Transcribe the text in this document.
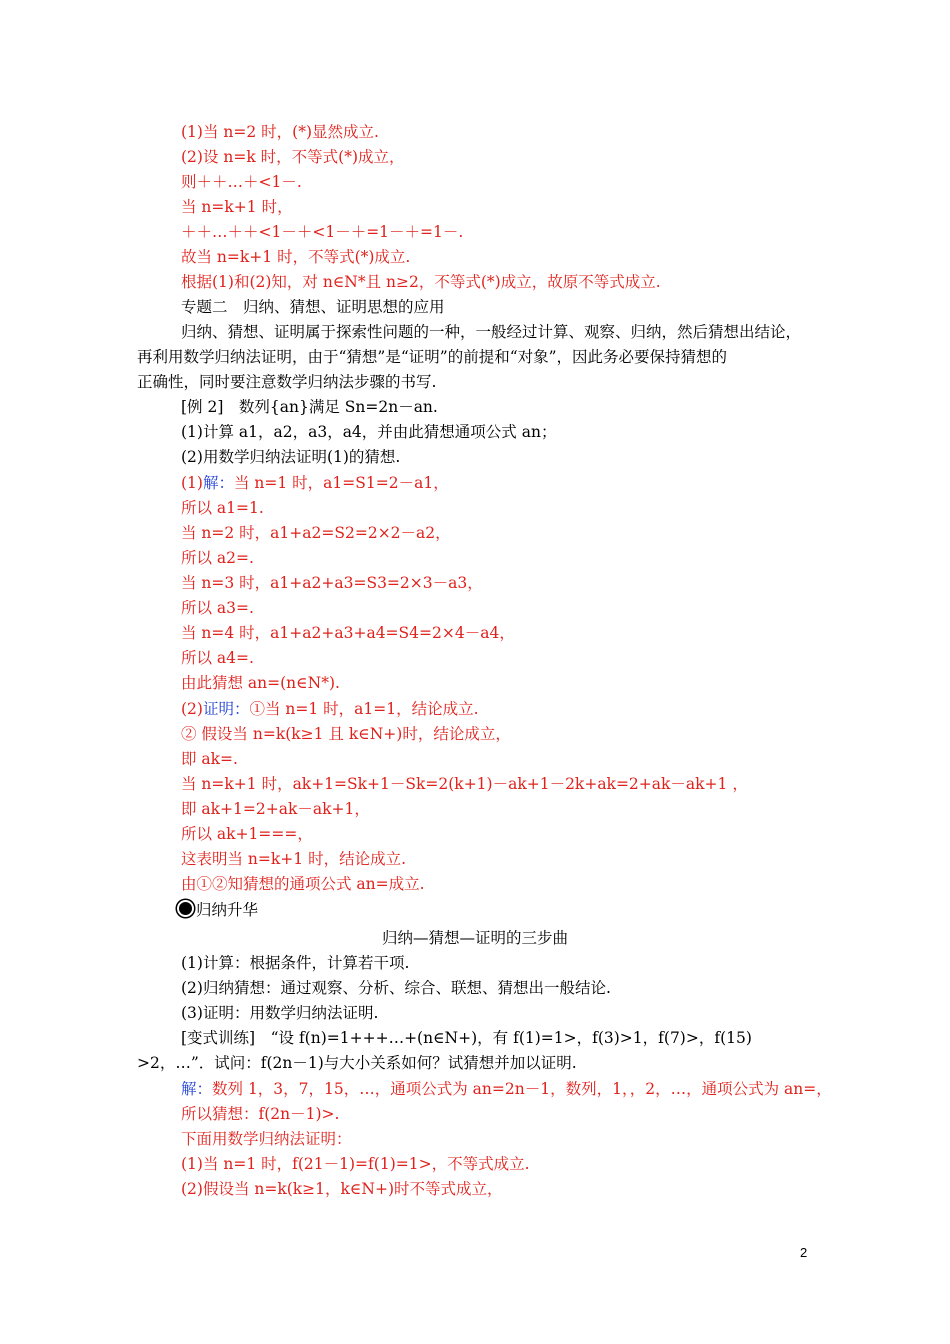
(1)当 n=2 时，(*)显然成立.
(2)设 n=k 时，不等式(*)成立，
则＋＋…＋<1－.
当 n=k+1 时，
＋＋…＋＋<1－＋<1－＋=1－＋=1－.
故当 n=k+1 时，不等式(*)成立.
根据(1)和(2)知，对 n∈N*且 n≥2，不等式(*)成立，故原不等式成立.
专题二　归纳、猜想、证明思想的应用
归纳、猜想、证明属于探索性问题的一种，一般经过计算、观察、归纳，然后猜想出结论，
再利用数学归纳法证明，由于“猜想”是“证明”的前提和“对象”，因此务必要保持猜想的
正确性，同时要注意数学归纳法步骤的书写.
[例 2]　数列{an}满足 Sn=2n－an.
(1)计算 a1，a2，a3，a4，并由此猜想通项公式 an；
(2)用数学归纳法证明(1)的猜想.
(1)解：当 n=1 时，a1=S1=2－a1，
所以 a1=1.
当 n=2 时，a1+a2=S2=2×2－a2，
所以 a2=.
当 n=3 时，a1+a2+a3=S3=2×3－a3，
所以 a3=.
当 n=4 时，a1+a2+a3+a4=S4=2×4－a4，
所以 a4=.
由此猜想 an=(n∈N*).
(2)证明：①当 n=1 时，a1=1，结论成立.
② 假设当 n=k(k≥1 且 k∈N+)时，结论成立，
即 ak=.
当 n=k+1 时，ak+1=Sk+1－Sk=2(k+1)－ak+1－2k+ak=2+ak－ak+1 ，
即 ak+1=2+ak－ak+1，
所以 ak+1===，
这表明当 n=k+1 时，结论成立.
由①②知猜想的通项公式 an=成立.
归纳升华
归纳—猜想—证明的三步曲
(1)计算：根据条件，计算若干项.
(2)归纳猜想：通过观察、分析、综合、联想、猜想出一般结论.
(3)证明：用数学归纳法证明.
[变式训练]　“设 f(n)=1+++…+(n∈N+)，有 f(1)=1>，f(3)>1，f(7)>，f(15)
>2，…”．试问：f(2n－1)与大小关系如何？试猜想并加以证明.
解：数列 1，3，7，15，…，通项公式为 an=2n－1，数列，1，，2，…，通项公式为 an=，
所以猜想：f(2n－1)>.
下面用数学归纳法证明：
(1)当 n=1 时，f(21－1)=f(1)=1>，不等式成立.
(2)假设当 n=k(k≥1，k∈N+)时不等式成立，
2
